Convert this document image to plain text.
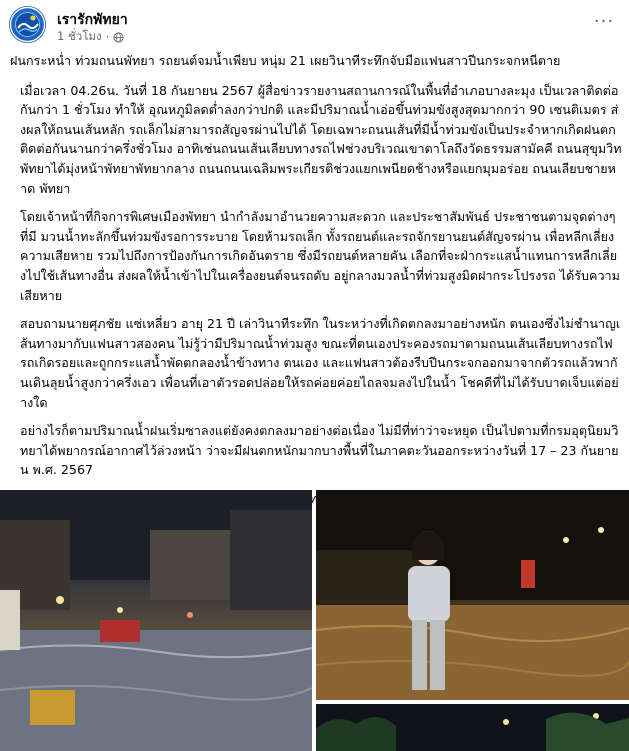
เรารักพัทยา
1 ชั่วโมง ·
···

ฝนกระหน่ำ ท่วมถนนพัทยา รถยนต์จมน้ำเพียบ หนุ่ม 21 เผยวินาทีระทึกจับมือแฟนสาวปีนกระจกหนีตาย

เมื่อเวลา 04.26น. วันที่ 18 กันยายน 2567 ผู้สื่อข่าวรายงานสถานการณ์ในพื้นที่อำเภอบางละมุง เป็นเวลาติดต่อกันกว่า 1 ชั่วโมง ทำให้ อุณหภูมิลดต่ำลงกว่าปกติ และมีปริมาณน้ำเอ่อขึ้นท่วมขังสูงสุดมากกว่า 90 เซนติเมตร ส่งผลให้ถนนเส้นหลัก รถเล็กไม่สามารถสัญจรผ่านไปได้ โดยเฉพาะถนนเส้นที่มีน้ำท่วมขังเป็นประจำหากเกิดฝนตก ติดต่อกันนานกว่าครึ่งชั่วโมง อาทิเช่นถนนเส้นเลียบทางรถไฟช่วงบริเวณเขาตาโลถึงวัดธรรมสามัคคี ถนนสุขุมวิทพัทยาได้มุ่งหน้าพัทยาพัทยากลาง ถนนถนนเฉลิมพระเกียรติช่วงแยกเพนียดช้างหรือแยกมุมอร่อย ถนนเลียบชายหาด พัทยา

โดยเจ้าหน้าที่กิจการพิเศษเมืองพัทยา นำกำลังมาอำนวยความสะดวก และประชาสัมพันธ์ ประชาชนตามจุดต่างๆ ที่มี มวนน้ำทะลักขึ้นท่วมขังรอการระบาย โดยห้ามรถเล็ก ทั้งรถยนต์และรถจักรยานยนต์สัญจรผ่าน เพื่อหลีกเลี่ยงความเสียหาย รวมไปถึงการป้องกันการเกิดอันตราย ซึ่งมีรถยนต์หลายคัน เลือกที่จะฝ่ากระแสน้ำแทนการหลีกเลี่ยงไปใช้เส้นทางอื่น ส่งผลให้น้ำเข้าไปในเครื่องยนต์จนรถดับ อยู่กลางมวลน้ำที่ท่วมสูงมิดฝากระโปรงรถ ได้รับความเสียหาย

สอบถามนายศุภชัย แซ่เหลี่ยว อายุ 21 ปี เล่าวินาทีระทึก ในระหว่างที่เกิดตกลงมาอย่างหนัก ตนเองซึ่งไม่ชำนาญเส้นทางมากับแฟนสาวสองคน ไม่รู้ว่ามีปริมาณน้ำท่วมสูง ขณะที่ตนเองประคองรถมาตามถนนเส้นเลียบทางรถไฟ รถเกิดรอยและถูกกระแสน้ำพัดตกลองน้ำข้างทาง ตนเอง และแฟนสาวต้องรีบปีนกระจกออกมาจากตัวรถแล้วพากันเดินลุยน้ำสูงกว่าครึ่งเอว เพื่อนที่เอาตัวรอดปล่อยให้รถค่อยค่อยไถลจมลงไปในน้ำ โชคดีที่ไม่ได้รับบาดเจ็บแต่อย่างใด

อย่างไรก็ตามปริมาณน้ำฝนเริ่มซาลงแต่ยังคงตกลงมาอย่างต่อเนื่อง ไม่มีที่ท่าว่าจะหยุด เป็นไปตามที่กรมอุตุนิยมวิทยาได้พยากรณ์อากาศไว้ล่วงหน้า ว่าจะมีฝนตกหนักมากบางพื้นที่ในภาคตะวันออกระหว่างวันที่ 17 – 23 กันยายน พ.ศ. 2567
